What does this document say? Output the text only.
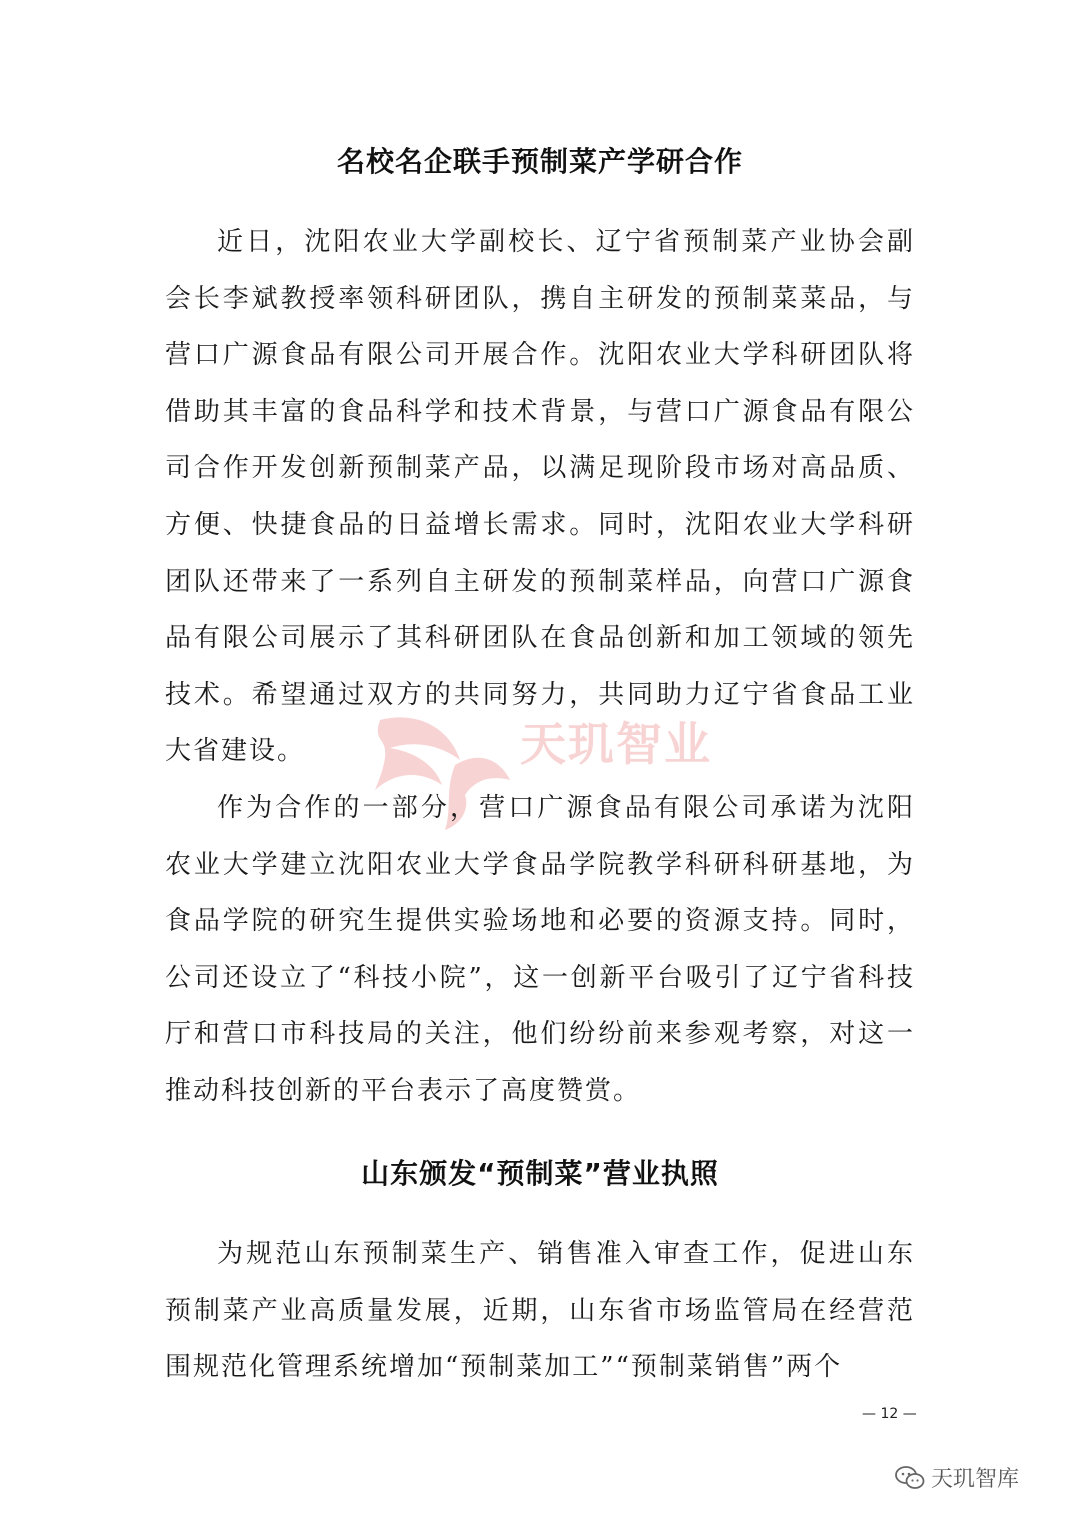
天玑智业
名校名企联手预制菜产学研合作

近日，沈阳农业大学副校长、辽宁省预制菜产业协会副会长李斌教授率领科研团队，携自主研发的预制菜菜品，与营口广源食品有限公司开展合作。沈阳农业大学科研团队将借助其丰富的食品科学和技术背景，与营口广源食品有限公司合作开发创新预制菜产品，以满足现阶段市场对高品质、方便、快捷食品的日益增长需求。同时，沈阳农业大学科研团队还带来了一系列自主研发的预制菜样品，向营口广源食品有限公司展示了其科研团队在食品创新和加工领域的领先技术。希望通过双方的共同努力，共同助力辽宁省食品工业大省建设。

作为合作的一部分，营口广源食品有限公司承诺为沈阳农业大学建立沈阳农业大学食品学院教学科研科研基地，为食品学院的研究生提供实验场地和必要的资源支持。同时，公司还设立了“科技小院”，这一创新平台吸引了辽宁省科技厅和营口市科技局的关注，他们纷纷前来参观考察，对这一推动科技创新的平台表示了高度赞赏。

山东颁发“预制菜”营业执照

为规范山东预制菜生产、销售准入审查工作，促进山东预制菜产业高质量发展，近期，山东省市场监管局在经营范围规范化管理系统增加“预制菜加工”“预制菜销售”两个

— 12 —
天玑智库
